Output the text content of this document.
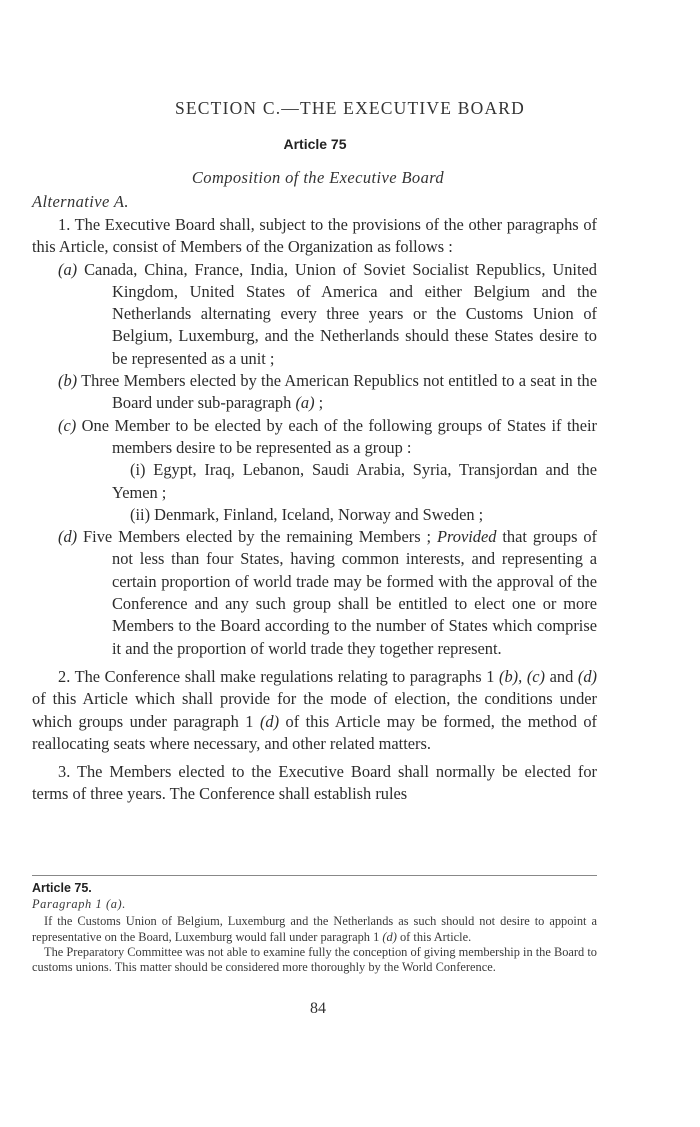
SECTION C.—THE EXECUTIVE BOARD
Article 75
Composition of the Executive Board
Alternative A.

1. The Executive Board shall, subject to the provisions of the other paragraphs of this Article, consist of Members of the Organization as follows :

(a) Canada, China, France, India, Union of Soviet Socialist Republics, United Kingdom, United States of America and either Belgium and the Netherlands alternating every three years or the Customs Union of Belgium, Luxemburg, and the Netherlands should these States desire to be represented as a unit ;

(b) Three Members elected by the American Republics not entitled to a seat in the Board under sub-paragraph (a) ;

(c) One Member to be elected by each of the following groups of States if their members desire to be represented as a group :

(i) Egypt, Iraq, Lebanon, Saudi Arabia, Syria, Transjordan and the Yemen ;

(ii) Denmark, Finland, Iceland, Norway and Sweden ;

(d) Five Members elected by the remaining Members ; Provided that groups of not less than four States, having common interests, and representing a certain proportion of world trade may be formed with the approval of the Conference and any such group shall be entitled to elect one or more Members to the Board according to the number of States which comprise it and the proportion of world trade they together represent.

2. The Conference shall make regulations relating to paragraphs 1 (b), (c) and (d) of this Article which shall provide for the mode of election, the conditions under which groups under paragraph 1 (d) of this Article may be formed, the method of reallocating seats where necessary, and other related matters.

3. The Members elected to the Executive Board shall normally be elected for terms of three years. The Conference shall establish rules

Article 75.

Paragraph 1 (a).

If the Customs Union of Belgium, Luxemburg and the Netherlands as such should not desire to appoint a representative on the Board, Luxemburg would fall under paragraph 1 (d) of this Article.

The Preparatory Committee was not able to examine fully the conception of giving membership in the Board to customs unions. This matter should be considered more thoroughly by the World Conference.

84
